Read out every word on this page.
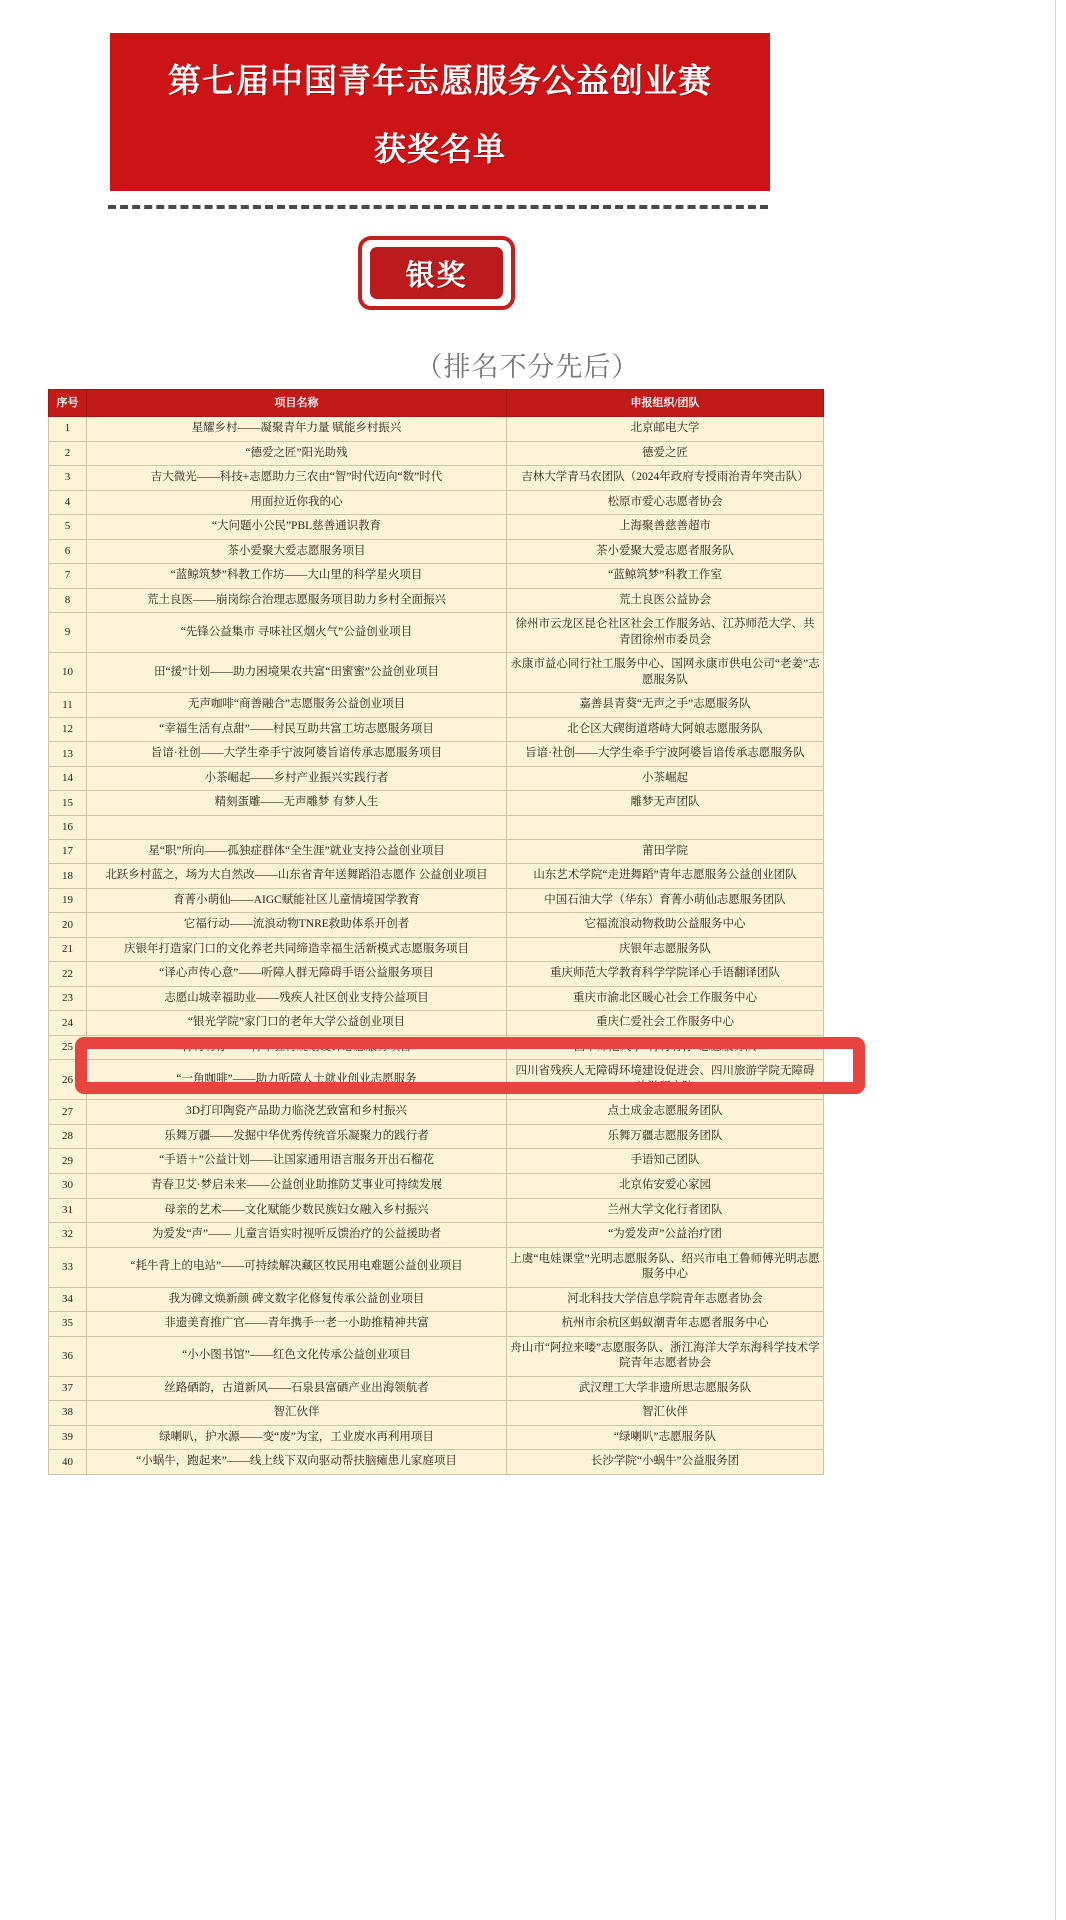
第七届中国青年志愿服务公益创业赛
获奖名单
银奖
（排名不分先后）
序号	项目名称	申报组织/团队
1	星耀乡村——凝聚青年力量 赋能乡村振兴	北京邮电大学
2	“德爱之匠”阳光助残	德爱之匠
3	吉大微光——科技+志愿助力三农由“智”时代迈向“数”时代	吉林大学青马农团队（2024年政府专授雨治青年突击队）
4	用面拉近你我的心	松原市爱心志愿者协会
5	“大问题小公民”PBL慈善通识教育	上海聚善慈善超市
6	茶小爱聚大爱志愿服务项目	茶小爱聚大爱志愿者服务队
7	“蓝鲸筑梦”科教工作坊——大山里的科学星火项目	“蓝鲸筑梦”科教工作室
8	荒土良医——崩岗综合治理志愿服务项目助力乡村全面振兴	荒土良医公益协会
9	“先锋公益集市 寻味社区烟火气”公益创业项目	徐州市云龙区昆仑社区社会工作服务站、江苏师范大学、共青团徐州市委员会
10	田“援”计划——助力困境果农共富“田蜜蜜”公益创业项目	永康市益心同行社工服务中心、国网永康市供电公司“老姜”志愿服务队
11	无声咖啡“商善融合”志愿服务公益创业项目	嘉善县青葵“无声之手”志愿服务队
12	“幸福生活有点甜”——村民互助共富工坊志愿服务项目	北仑区大碶街道塔峙大阿娘志愿服务队
13	旨谙·社创——大学生牵手宁波阿婆旨谙传承志愿服务项目	旨谙·社创——大学生牵手宁波阿婆旨谙传承志愿服务队
14	小茶崛起——乡村产业振兴实践行者	小茶崛起
15	精刻蛋雕——无声雕梦 有梦人生	雕梦无声团队
16		
17	星“职”所向——孤独症群体“全生涯”就业支持公益创业项目	莆田学院
18	北跃乡村蓝之，场为大自然改——山东省青年送舞蹈沿志愿作 公益创业项目	山东艺术学院“走进舞蹈”青年志愿服务公益创业团队
19	育菁小萌仙——AIGC赋能社区儿童情境国学教育	中国石油大学（华东）育菁小萌仙志愿服务团队
20	它福行动——流浪动物TNRE救助体系开创者	它福流浪动物救助公益服务中心
21	庆银年打造家门口的文化养老共同缔造幸福生活新模式志愿服务项目	庆银年志愿服务队
22	“译心声传心意”——听障人群无障碍手语公益服务项目	重庆师范大学教育科学学院译心手语翻译团队
23	志愿山城幸福助业——残疾人社区创业支持公益项目	重庆市渝北区暖心社会工作服务中心
24	“银光学院”家门口的老年大学公益创业项目	重庆仁爱社会工作服务中心
25	青村有你——青年驻村规划设计志愿服务项目	西华师范大学“青村有你”志愿服务队
26	“一角咖啡”——助力听障人士就业创业志愿服务	四川省残疾人无障碍环境建设促进会、四川旅游学院无障碍旅游研究院
27	3D打印陶瓷产品助力临浇艺致富和乡村振兴	点土成金志愿服务团队
28	乐舞万疆——发掘中华优秀传统音乐凝聚力的践行者	乐舞万疆志愿服务团队
29	“手语＋”公益计划——让国家通用语言服务开出石榴花	手语知己团队
30	青春卫艾·梦启未来——公益创业助推防艾事业可持续发展	北京佑安爱心家园
31	母亲的艺术——文化赋能少数民族妇女融入乡村振兴	兰州大学文化行者团队
32	为爱发“声”—— 儿童言语实时视听反馈治疗的公益援助者	“为爱发声”公益治疗团
33	“耗牛背上的电站”——可持续解决藏区牧民用电难题公益创业项目	上虞“电娃课堂”光明志愿服务队、绍兴市电工鲁师傅光明志愿服务中心
34	我为碑文焕新颜 碑文数字化修复传承公益创业项目	河北科技大学信息学院青年志愿者协会
35	非遗美育推广官——青年携手一老一小助推精神共富	杭州市余杭区蚂蚁潮青年志愿者服务中心
36	“小小图书馆”——红色文化传承公益创业项目	舟山市“阿拉来喽”志愿服务队、浙江海洋大学东海科学技术学院青年志愿者协会
37	丝路硒韵，古道新风——石泉县富硒产业出海领航者	武汉理工大学非遗所思志愿服务队
38	智汇伙伴	智汇伙伴
39	绿喇叭，护水源——变“废”为宝，工业废水再利用项目	“绿喇叭”志愿服务队
40	“小蜗牛，跑起来”——线上线下双向驱动帮扶脑瘫患儿家庭项目	长沙学院“小蜗牛”公益服务团
